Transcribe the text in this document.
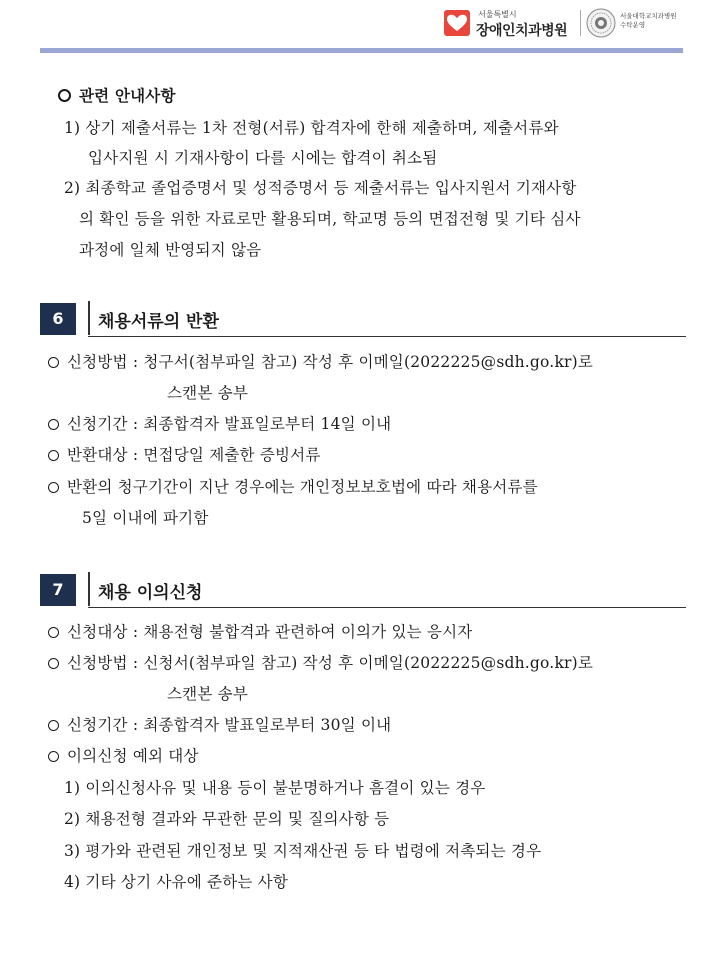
서울특별시
장애인치과병원
서울대학교치과병원
수탁운영
관련 안내사항
1) 상기 제출서류는 1차 전형(서류) 합격자에 한해 제출하며, 제출서류와
입사지원 시 기재사항이 다를 시에는 합격이 취소됨
2) 최종학교 졸업증명서 및 성적증명서 등 제출서류는 입사지원서 기재사항
의 확인 등을 위한 자료로만 활용되며, 학교명 등의 면접전형 및 기타 심사
과정에 일체 반영되지 않음
6	채용서류의 반환
신청방법 : 청구서(첨부파일 참고) 작성 후 이메일(2022225@sdh.go.kr)로
스캔본 송부
신청기간 : 최종합격자 발표일로부터 14일 이내
반환대상 : 면접당일 제출한 증빙서류
반환의 청구기간이 지난 경우에는 개인정보보호법에 따라 채용서류를
5일 이내에 파기함
7	채용 이의신청
신청대상 : 채용전형 불합격과 관련하여 이의가 있는 응시자
신청방법 : 신청서(첨부파일 참고) 작성 후 이메일(2022225@sdh.go.kr)로
스캔본 송부
신청기간 : 최종합격자 발표일로부터 30일 이내
이의신청 예외 대상
1) 이의신청사유 및 내용 등이 불분명하거나 흠결이 있는 경우
2) 채용전형 결과와 무관한 문의 및 질의사항 등
3) 평가와 관련된 개인정보 및 지적재산권 등 타 법령에 저촉되는 경우
4) 기타 상기 사유에 준하는 사항
